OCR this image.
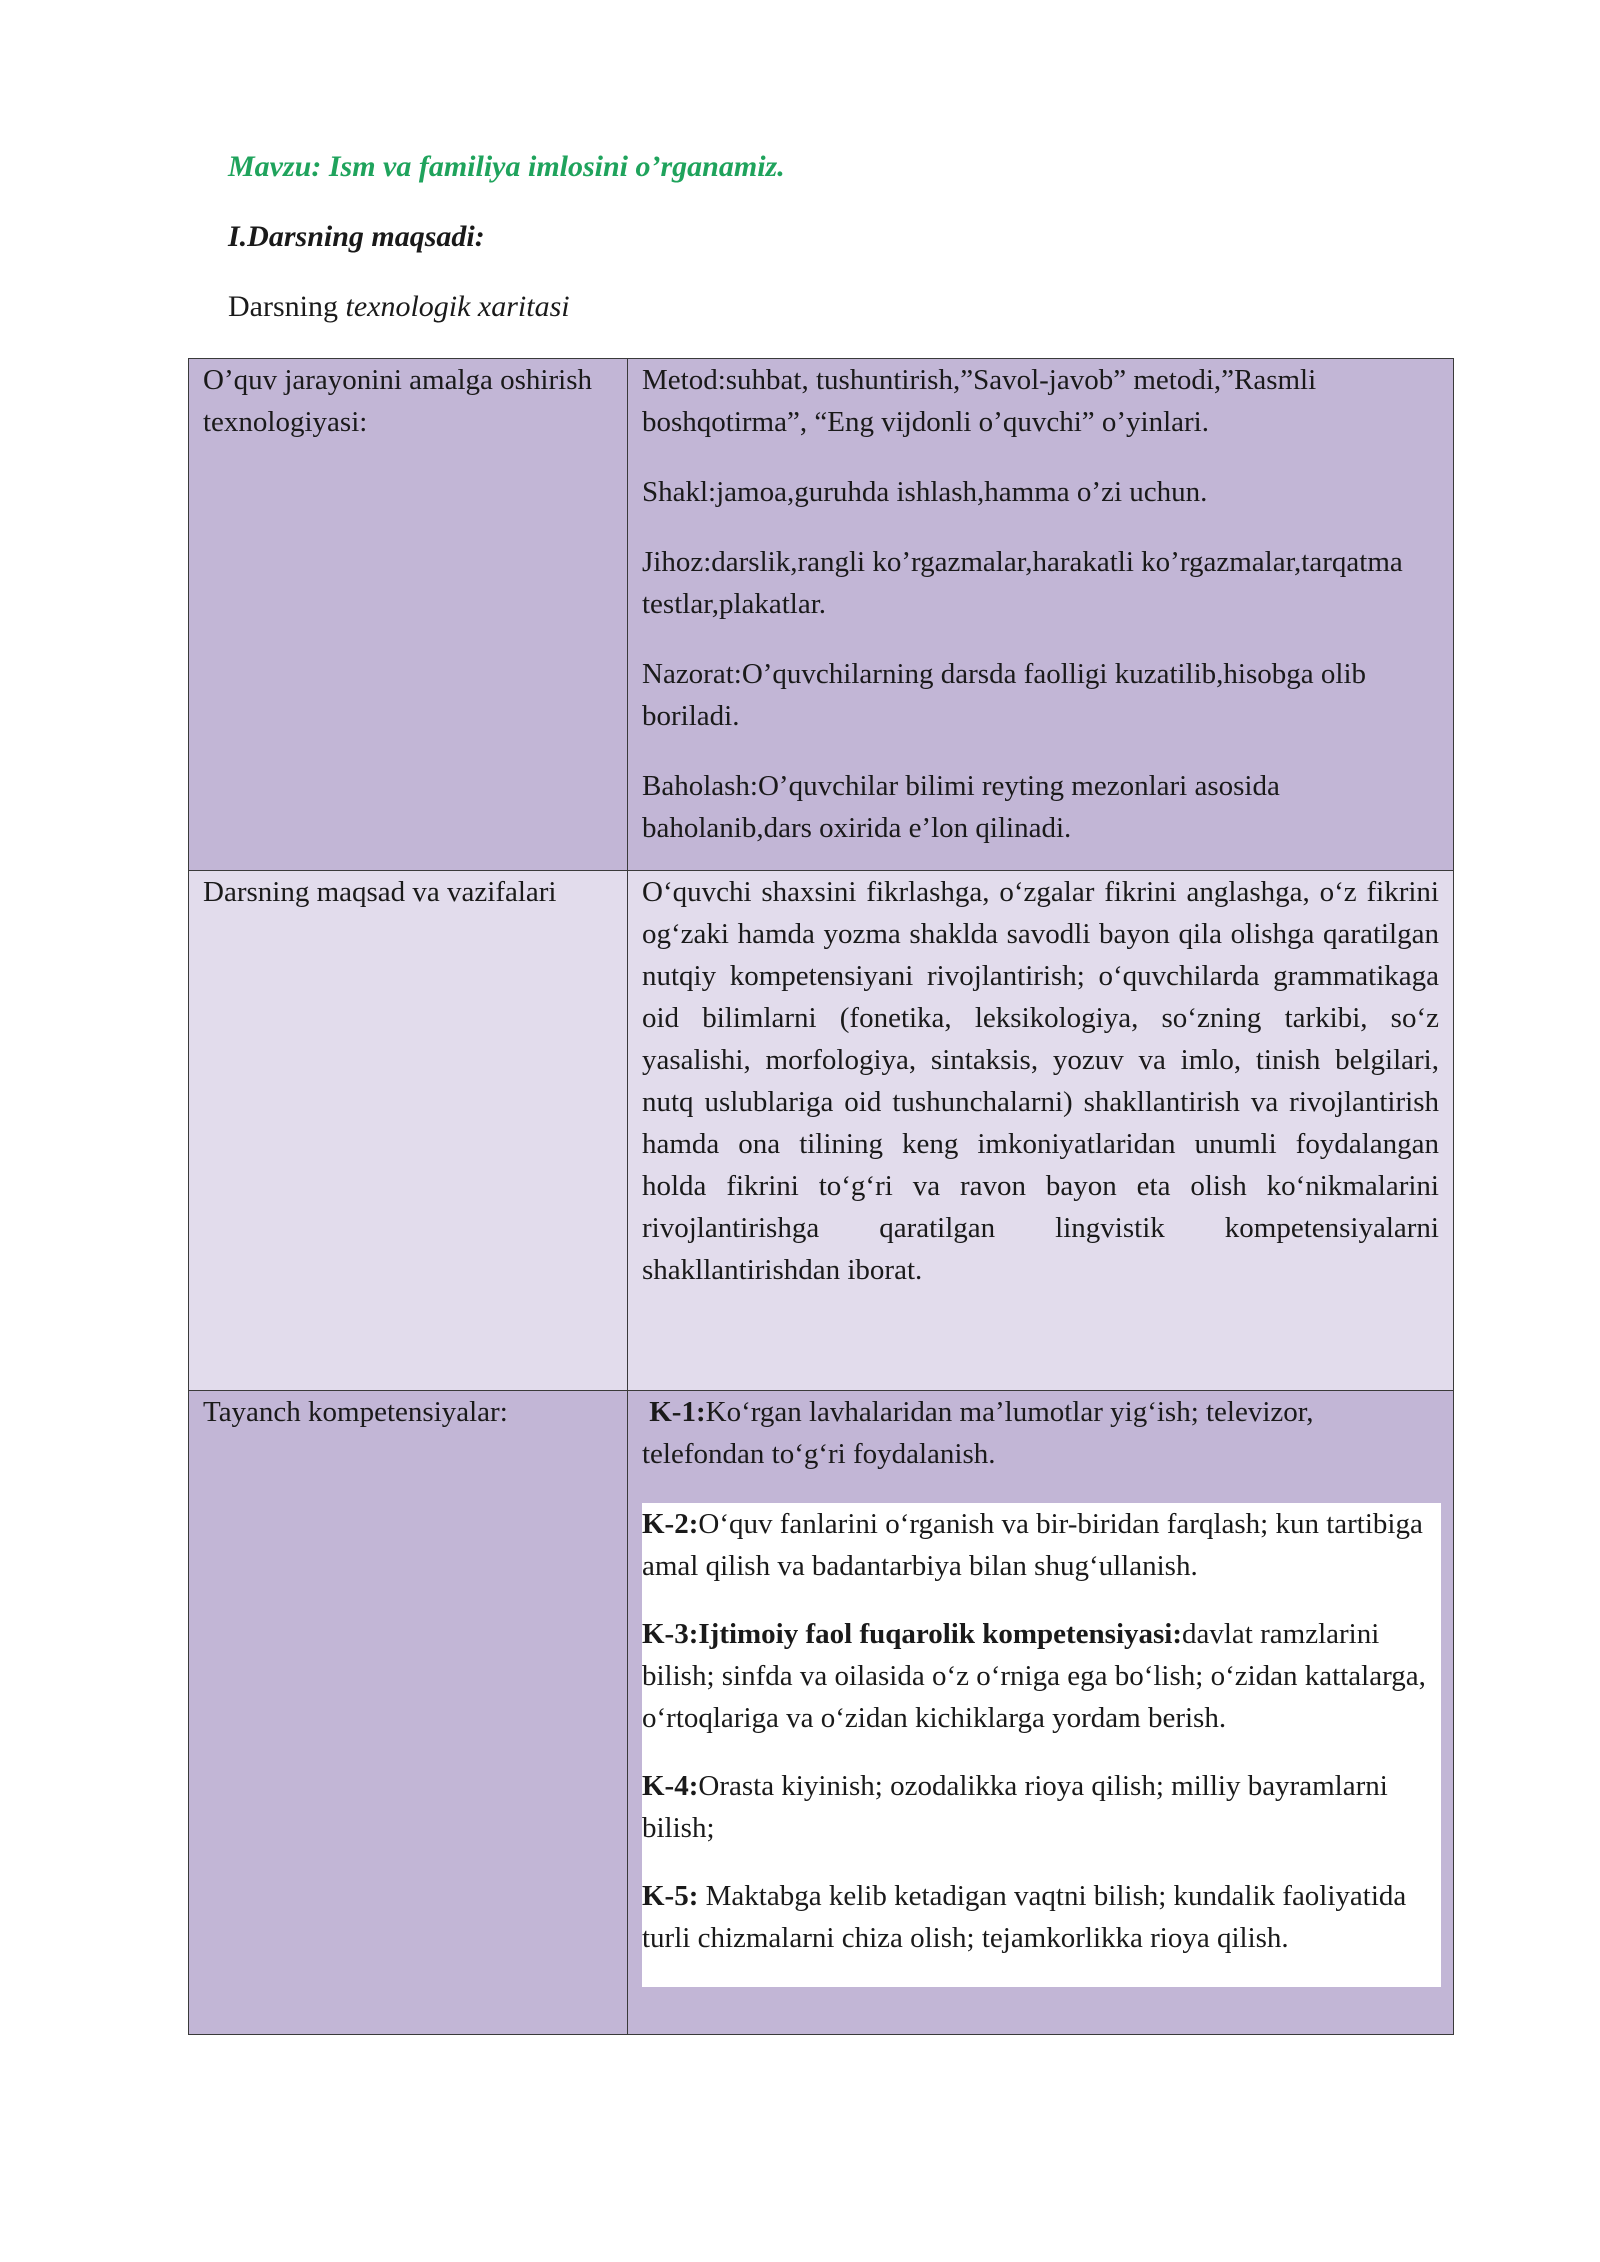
Mavzu: Ism va familiya imlosini o’rganamiz.

I.Darsning maqsadi:

Darsning texnologik xaritasi

O’quv jarayonini amalga oshirish texnologiyasi:	Metod:suhbat, tushuntirish,”Savol-javob” metodi,”Rasmli boshqotirma”, “Eng vijdonli o’quvchi” o’yinlari.

Shakl:jamoa,guruhda ishlash,hamma o’zi uchun.

Jihoz:darslik,rangli ko’rgazmalar,harakatli ko’rgazmalar,tarqatma testlar,plakatlar.

Nazorat:O’quvchilarning darsda faolligi kuzatilib,hisobga olib boriladi.

Baholash:O’quvchilar bilimi reyting mezonlari asosida baholanib,dars oxirida e’lon qilinadi.

Darsning maqsad va vazifalari	O‘quvchi shaxsini fikrlashga, o‘zgalar fikrini anglashga, o‘z fikrini og‘zaki hamda yozma shaklda savodli bayon qila olishga qaratilgan nutqiy kompetensiyani rivojlantirish; o‘quvchilarda grammatikaga oid bilimlarni (fonetika, leksikologiya, so‘zning tarkibi, so‘z yasalishi, morfologiya, sintaksis, yozuv va imlo, tinish belgilari, nutq uslublariga oid tushunchalarni) shakllantirish va rivojlantirish hamda ona tilining keng imkoniyatlaridan unumli foydalangan holda fikrini to‘g‘ri va ravon bayon eta olish ko‘nikmalarini rivojlantirishga qaratilgan lingvistik kompetensiyalarni shakllantirishdan iborat.

Tayanch kompetensiyalar:	K-1:Ko‘rgan lavhalaridan ma’lumotlar yig‘ish; televizor, telefondan to‘g‘ri foydalanish.

K-2:O‘quv fanlarini o‘rganish va bir-biridan farqlash; kun tartibiga amal qilish va badantarbiya bilan shug‘ullanish.

K-3:Ijtimoiy faol fuqarolik kompetensiyasi:davlat ramzlarini bilish; sinfda va oilasida o‘z o‘rniga ega bo‘lish; o‘zidan kattalarga, o‘rtoqlariga va o‘zidan kichiklarga yordam berish.

K-4:Orasta kiyinish; ozodalikka rioya qilish; milliy bayramlarni bilish;

K-5: Maktabga kelib ketadigan vaqtni bilish; kundalik faoliyatida turli chizmalarni chiza olish; tejamkorlikka rioya qilish.
